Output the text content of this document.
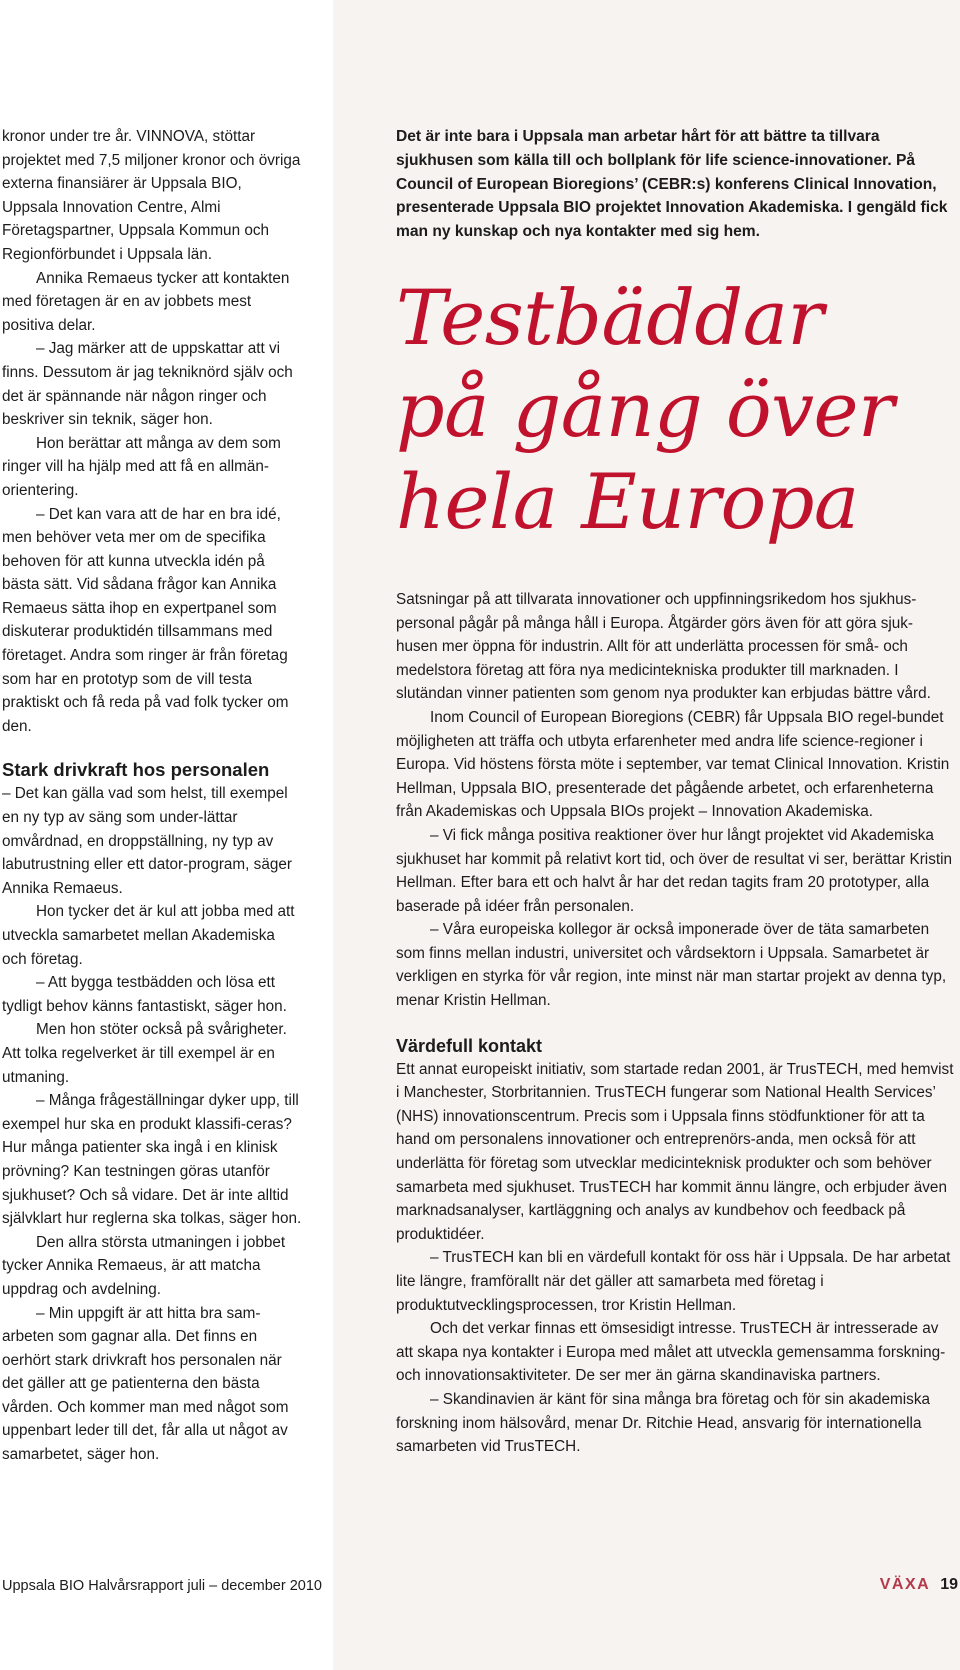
kronor under tre år. VINNOVA, stöttar projektet med 7,5 miljoner kronor och övriga externa finansiärer är Uppsala BIO, Uppsala Innovation Centre, Almi Företagspartner, Uppsala Kommun och Regionförbundet i Uppsala län.

Annika Remaeus tycker att kontakten med företagen är en av jobbets mest positiva delar.

– Jag märker att de uppskattar att vi finns. Dessutom är jag tekniknörd själv och det är spännande när någon ringer och beskriver sin teknik, säger hon.

Hon berättar att många av dem som ringer vill ha hjälp med att få en allmän-orientering.

– Det kan vara att de har en bra idé, men behöver veta mer om de specifika behoven för att kunna utveckla idén på bästa sätt. Vid sådana frågor kan Annika Remaeus sätta ihop en expertpanel som diskuterar produktidén tillsammans med företaget. Andra som ringer är från företag som har en prototyp som de vill testa praktiskt och få reda på vad folk tycker om den.

Stark drivkraft hos personalen

– Det kan gälla vad som helst, till exempel en ny typ av säng som under-lättar omvårdnad, en droppställning, ny typ av labutrustning eller ett dator-program, säger Annika Remaeus.

Hon tycker det är kul att jobba med att utveckla samarbetet mellan Akademiska och företag.

– Att bygga testbädden och lösa ett tydligt behov känns fantastiskt, säger hon.

Men hon stöter också på svårigheter. Att tolka regelverket är till exempel är en utmaning.

– Många frågeställningar dyker upp, till exempel hur ska en produkt klassifi-ceras? Hur många patienter ska ingå i en klinisk prövning? Kan testningen göras utanför sjukhuset? Och så vidare. Det är inte alltid självklart hur reglerna ska tolkas, säger hon.

Den allra största utmaningen i jobbet tycker Annika Remaeus, är att matcha uppdrag och avdelning.

– Min uppgift är att hitta bra sam-arbeten som gagnar alla. Det finns en oerhört stark drivkraft hos personalen när det gäller att ge patienterna den bästa vården. Och kommer man med något som uppenbart leder till det, får alla ut något av samarbetet, säger hon.

Det är inte bara i Uppsala man arbetar hårt för att bättre ta tillvara sjukhusen som källa till och bollplank för life science-innovationer. På Council of European Bioregions’ (CEBR:s) konferens Clinical Innovation, presenterade Uppsala BIO projektet Innovation Akademiska. I gengäld fick man ny kunskap och nya kontakter med sig hem.

Testbäddar
på gång över
hela Europa

Satsningar på att tillvarata innovationer och uppfinningsrikedom hos sjukhus-personal pågår på många håll i Europa. Åtgärder görs även för att göra sjuk-husen mer öppna för industrin. Allt för att underlätta processen för små- och medelstora företag att föra nya medicintekniska produkter till marknaden. I slutändan vinner patienten som genom nya produkter kan erbjudas bättre vård.

Inom Council of European Bioregions (CEBR) får Uppsala BIO regel-bundet möjligheten att träffa och utbyta erfarenheter med andra life science-regioner i Europa. Vid höstens första möte i september, var temat Clinical Innovation. Kristin Hellman, Uppsala BIO, presenterade det pågående arbetet, och erfarenheterna från Akademiskas och Uppsala BIOs projekt – Innovation Akademiska.

– Vi fick många positiva reaktioner över hur långt projektet vid Akademiska sjukhuset har kommit på relativt kort tid, och över de resultat vi ser, berättar Kristin Hellman. Efter bara ett och halvt år har det redan tagits fram 20 prototyper, alla baserade på idéer från personalen.

– Våra europeiska kollegor är också imponerade över de täta samarbeten som finns mellan industri, universitet och vårdsektorn i Uppsala. Samarbetet är verkligen en styrka för vår region, inte minst när man startar projekt av denna typ, menar Kristin Hellman.

Värdefull kontakt

Ett annat europeiskt initiativ, som startade redan 2001, är TrusTECH, med hemvist i Manchester, Storbritannien. TrusTECH fungerar som National Health Services’ (NHS) innovationscentrum. Precis som i Uppsala finns stödfunktioner för att ta hand om personalens innovationer och entreprenörs-anda, men också för att underlätta för företag som utvecklar medicinteknisk produkter och som behöver samarbeta med sjukhuset. TrusTECH har kommit ännu längre, och erbjuder även marknadsanalyser, kartläggning och analys av kundbehov och feedback på produktidéer.

– TrusTECH kan bli en värdefull kontakt för oss här i Uppsala. De har arbetat lite längre, framförallt när det gäller att samarbeta med företag i produktutvecklingsprocessen, tror Kristin Hellman.

Och det verkar finnas ett ömsesidigt intresse. TrusTECH är intresserade av att skapa nya kontakter i Europa med målet att utveckla gemensamma forskning- och innovationsaktiviteter. De ser mer än gärna skandinaviska partners.

– Skandinavien är känt för sina många bra företag och för sin akademiska forskning inom hälsovård, menar Dr. Ritchie Head, ansvarig för internationella samarbeten vid TrusTECH.

Uppsala BIO Halvårsrapport juli – december 2010	VÄXA 19
